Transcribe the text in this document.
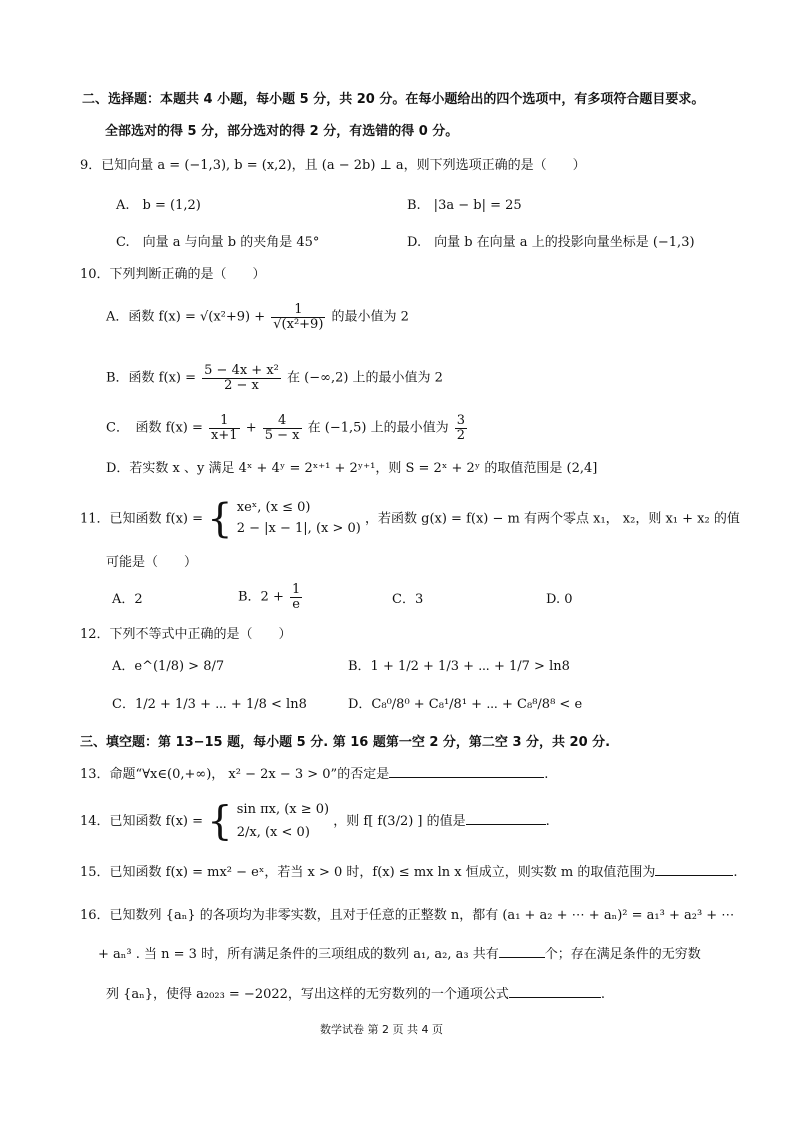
二、选择题：本题共 4 小题，每小题 5 分，共 20 分。在每小题给出的四个选项中，有多项符合题目要求。
全部选对的得 5 分，部分选对的得 2 分，有选错的得 0 分。
9．已知向量 a = (−1,3), b = (x,2)，且 (a − 2b) ⊥ a，则下列选项正确的是（　　）
A.　b = (1,2)	B.　|3a − b| = 25
C.　向量 a 与向量 b 的夹角是 45°	D.　向量 b 在向量 a 上的投影向量坐标是 (−1,3)
10．下列判断正确的是（　　）
A．函数 $f(x) = √(x^2+9) + \frac{1}{\text{√(x²+9)}}$ 的最小值为 2
B．函数 $f(x) = \frac{\text{5 − 4x + x²}}{2 - x}$ 在 (−∞,2) 上的最小值为 2
C．　函数 $f(x) = \frac{1}{x+1} + \frac{4}{5 - x}$ 在 (−1,5) 上的最小值为 $\frac{3}{2}$
D．若实数 x 、y 满足 4ˣ + 4ʸ = 2ˣ⁺¹ + 2ʸ⁺¹，则 S = 2ˣ + 2ʸ 的取值范围是 (2,4]
11．已知函数 f(x) = { xeˣ, (x ≤ 0)
2 − |x − 1|, (x > 0)
，若函数 g(x) = f(x) − m 有两个零点 x₁， x₂，则 x₁ + x₂ 的值
可能是（　　）
A．2	B．$2 + \frac{1}{e}$	C．3	D. 0
12．下列不等式中正确的是（　　）
A．e^(1/8) > 8/7	B．1 + 1/2 + 1/3 + ⋯ + 1/7 > ln8
C．1/2 + 1/3 + ⋯ + 1/8 < ln8	D．C₈⁰/8⁰ + C₈¹/8¹ + ⋯ + C₈⁸/8⁸ < e
三、填空题：第 13−15 题，每小题 5 分. 第 16 题第一空 2 分，第二空 3 分，共 20 分.
13．命题“∀x∈(0,+∞)， x² − 2x − 3 > 0”的否定是	.
14．已知函数 f(x) = { sin πx, (x ≥ 0)
2/x, (x < 0)
，则 f[ f(3/2) ] 的值是	.
15．已知函数 f(x) = mx² − eˣ，若当 x > 0 时，f(x) ≤ mx ln x 恒成立，则实数 m 的取值范围为	.
16．已知数列 {aₙ} 的各项均为非零实数，且对于任意的正整数 n，都有 (a₁ + a₂ + ⋯ + aₙ)² = a₁³ + a₂³ + ⋯
+ aₙ³ . 当 n = 3 时，所有满足条件的三项组成的数列 a₁, a₂, a₃ 共有	个；存在满足条件的无穷数
列 {aₙ}，使得 a₂₀₂₃ = −2022，写出这样的无穷数列的一个通项公式	.
数学试卷 第 2 页 共 4 页
